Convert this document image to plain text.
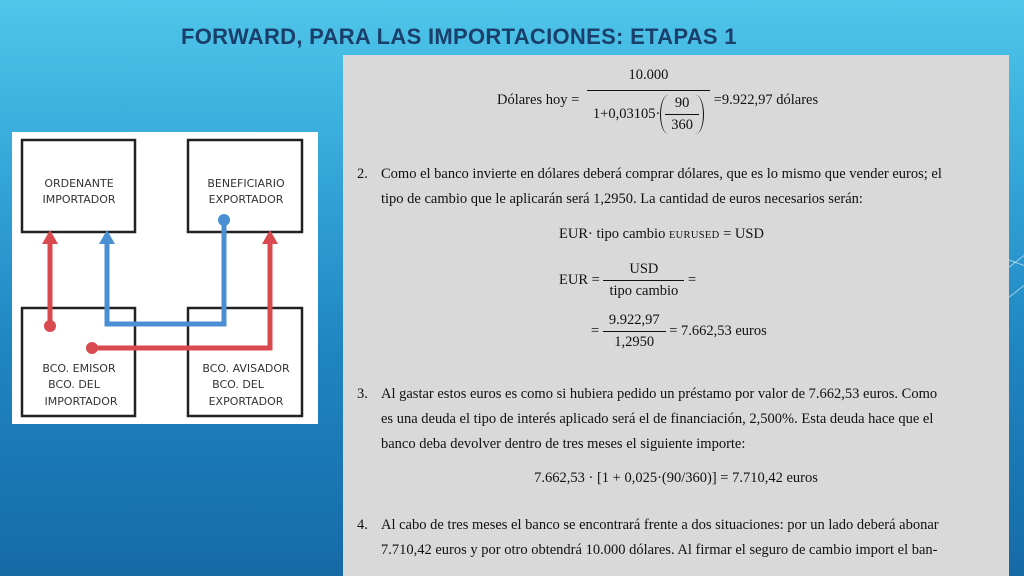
FORWARD, PARA LAS IMPORTACIONES: ETAPAS 1
ORDENANTE
IMPORTADOR
BENEFICIARIO
EXPORTADOR
BCO. EMISOR
BCO. DEL
IMPORTADOR
BCO. AVISADOR
BCO. DEL
EXPORTADOR
Dólares hoy = $\frac{10.000}{1+0,03105\cdot \frac{90}{360}} =9.922,97$ dólares
2. Como el banco invierte en dólares deberá comprar dólares, que es lo mismo que vender euros; el
tipo de cambio que le aplicarán será 1,2950. La cantidad de euros necesarios serán:
EUR· tipo cambio EURUSED = USD
EUR = $\frac{\text{USD}}{\text{tipo cambio}}$ =
= $\frac{9.922,97}{1,2950} = 7.662,53$ euros
3. Al gastar estos euros es como si hubiera pedido un préstamo por valor de 7.662,53 euros. Como
es una deuda el tipo de interés aplicado será el de financiación, 2,500%. Esta deuda hace que el
banco deba devolver dentro de tres meses el siguiente importe:
7.662,53 · [1 + 0,025·(90/360)] = 7.710,42 euros
4. Al cabo de tres meses el banco se encontrará frente a dos situaciones: por un lado deberá abonar
7.710,42 euros y por otro obtendrá 10.000 dólares. Al firmar el seguro de cambio import el ban-
